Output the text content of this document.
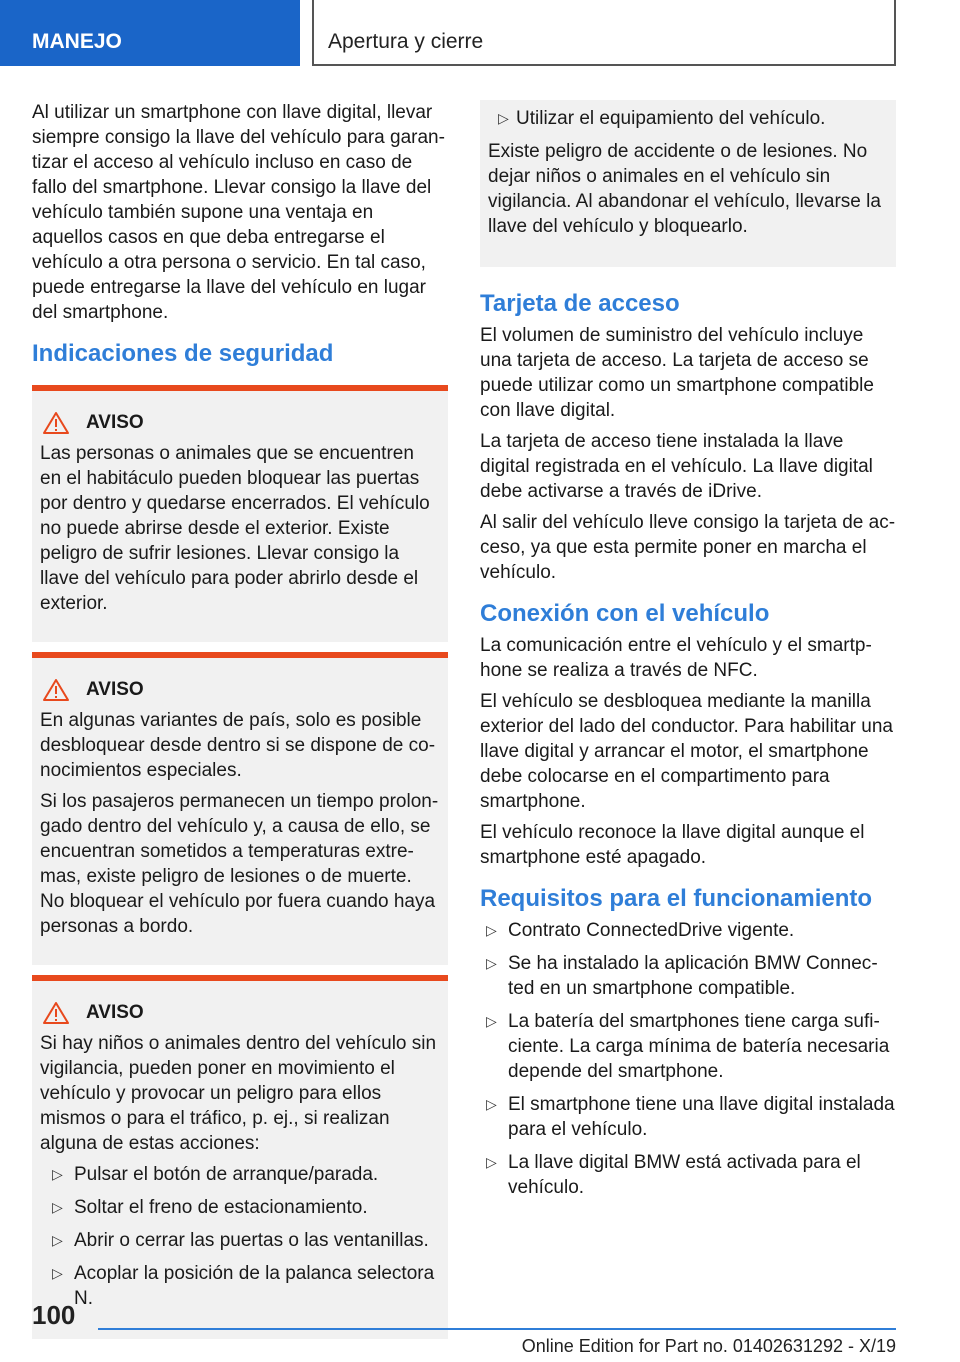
MANEJO	Apertura y cierre

Al utilizar un smartphone con llave digital, llevar siempre consigo la llave del vehículo para garantizar el acceso al vehículo incluso en caso de fallo del smartphone. Llevar consigo la llave del vehículo también supone una ventaja en aquellos casos en que deba entregarse el vehículo a otra persona o servicio. En tal caso, puede entregarse la llave del vehículo en lugar del smartphone.

Indicaciones de seguridad
AVISO

Las personas o animales que se encuentren en el habitáculo pueden bloquear las puertas por dentro y quedarse encerrados. El vehículo no puede abrirse desde el exterior. Existe peligro de sufrir lesiones. Llevar consigo la llave del vehículo para poder abrirlo desde el exterior.

AVISO

En algunas variantes de país, solo es posible desbloquear desde dentro si se dispone de conocimientos especiales.

Si los pasajeros permanecen un tiempo prolongado dentro del vehículo y, a causa de ello, se encuentran sometidos a temperaturas extremas, existe peligro de lesiones o de muerte. No bloquear el vehículo por fuera cuando haya personas a bordo.

AVISO

Si hay niños o animales dentro del vehículo sin vigilancia, pueden poner en movimiento el vehículo y provocar un peligro para ellos mismos o para el tráfico, p. ej., si realizan alguna de estas acciones:

▷ Pulsar el botón de arranque/parada.
▷ Soltar el freno de estacionamiento.
▷ Abrir o cerrar las puertas o las ventanillas.
▷ Acoplar la posición de la palanca selectora N.
▷ Utilizar el equipamiento del vehículo.

Existe peligro de accidente o de lesiones. No dejar niños o animales en el vehículo sin vigilancia. Al abandonar el vehículo, llevarse la llave del vehículo y bloquearlo.

Tarjeta de acceso

El volumen de suministro del vehículo incluye una tarjeta de acceso. La tarjeta de acceso se puede utilizar como un smartphone compatible con llave digital.

La tarjeta de acceso tiene instalada la llave digital registrada en el vehículo. La llave digital debe activarse a través de iDrive.

Al salir del vehículo lleve consigo la tarjeta de acceso, ya que esta permite poner en marcha el vehículo.

Conexión con el vehículo

La comunicación entre el vehículo y el smartphone se realiza a través de NFC.

El vehículo se desbloquea mediante la manilla exterior del lado del conductor. Para habilitar una llave digital y arrancar el motor, el smartphone debe colocarse en el compartimento para smartphone.

El vehículo reconoce la llave digital aunque el smartphone esté apagado.

Requisitos para el funcionamiento
▷ Contrato ConnectedDrive vigente.
▷ Se ha instalado la aplicación BMW Connected en un smartphone compatible.
▷ La batería del smartphones tiene carga suficiente. La carga mínima de batería necesaria depende del smartphone.
▷ El smartphone tiene una llave digital instalada para el vehículo.
▷ La llave digital BMW está activada para el vehículo.
100
Online Edition for Part no. 01402631292 - X/19
